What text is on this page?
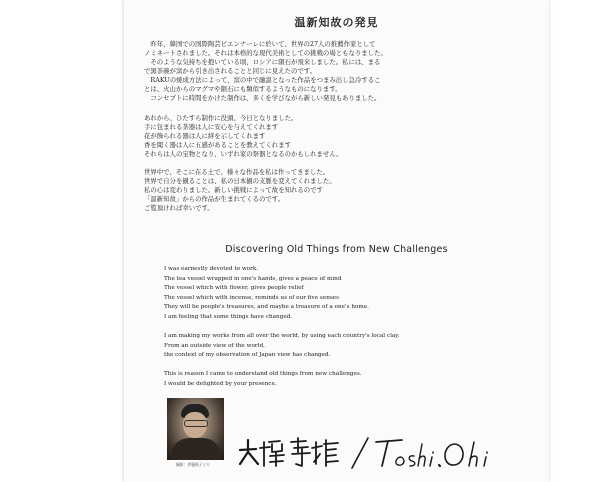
温新知故の発見
　昨年、韓国での国際陶芸ビエンナーレに於いて、世界の27人の推薦作家として
ノミネートされました。それは本格的な現代美術としての挑戦の場ともなりました。
　そのような気持ちを抱いている頃、ロシアに隕石が飛来しました。私には、まる
で黒茶碗が窯から引き出されることと同じに見えたのです。
　RAKUの焼成方法によって、窯の中で融温となった作品をつまみ出し急冷するこ
とは、火山からのマグマや隕石にも類似するようなものになります。
　コンセプトに時間をかけた制作は、多くを学びながら新しい発見もありました。
あれから、ひたすら制作に没頭、今日となりました。
手に包まれる茶器は人に安心を与えてくれます
花が飾られる器は人に絆を示してくれます
香を聞く器は人に五感があることを教えてくれます
それらは人の宝物となり、いずれ家の祭器となるのかもしれません。
世界中で、そこに在る土で、様々な作品を私は作ってきました。
世界で自分を観ることは、私の日本観の支脈を変えてくれました。
私の心は変わりました。新しい挑戦によって故を知れるのです
「温新知故」からの作品が生まれてくるのです。
ご覧頂ければ幸いです。
Discovering Old Things from New Challenges
I was earnestly devoted to work.
The tea vessel wrapped in one's hands, gives a peace of mind
The vessel which with flower, gives people relief
The vessel which with incense, reminds us of our five senses
They will be people's treasures, and maybe a treasure of a one's home.
I am feeling that some things have changed.
I am making my works from all over the world, by using each country's local clay.
From an outside view of the world,
the context of my observation of Japan view has changed.
This is reason I came to understand old things from new challenges.
I would be delighted by your presence.
撮影：伊藤秋子とり
